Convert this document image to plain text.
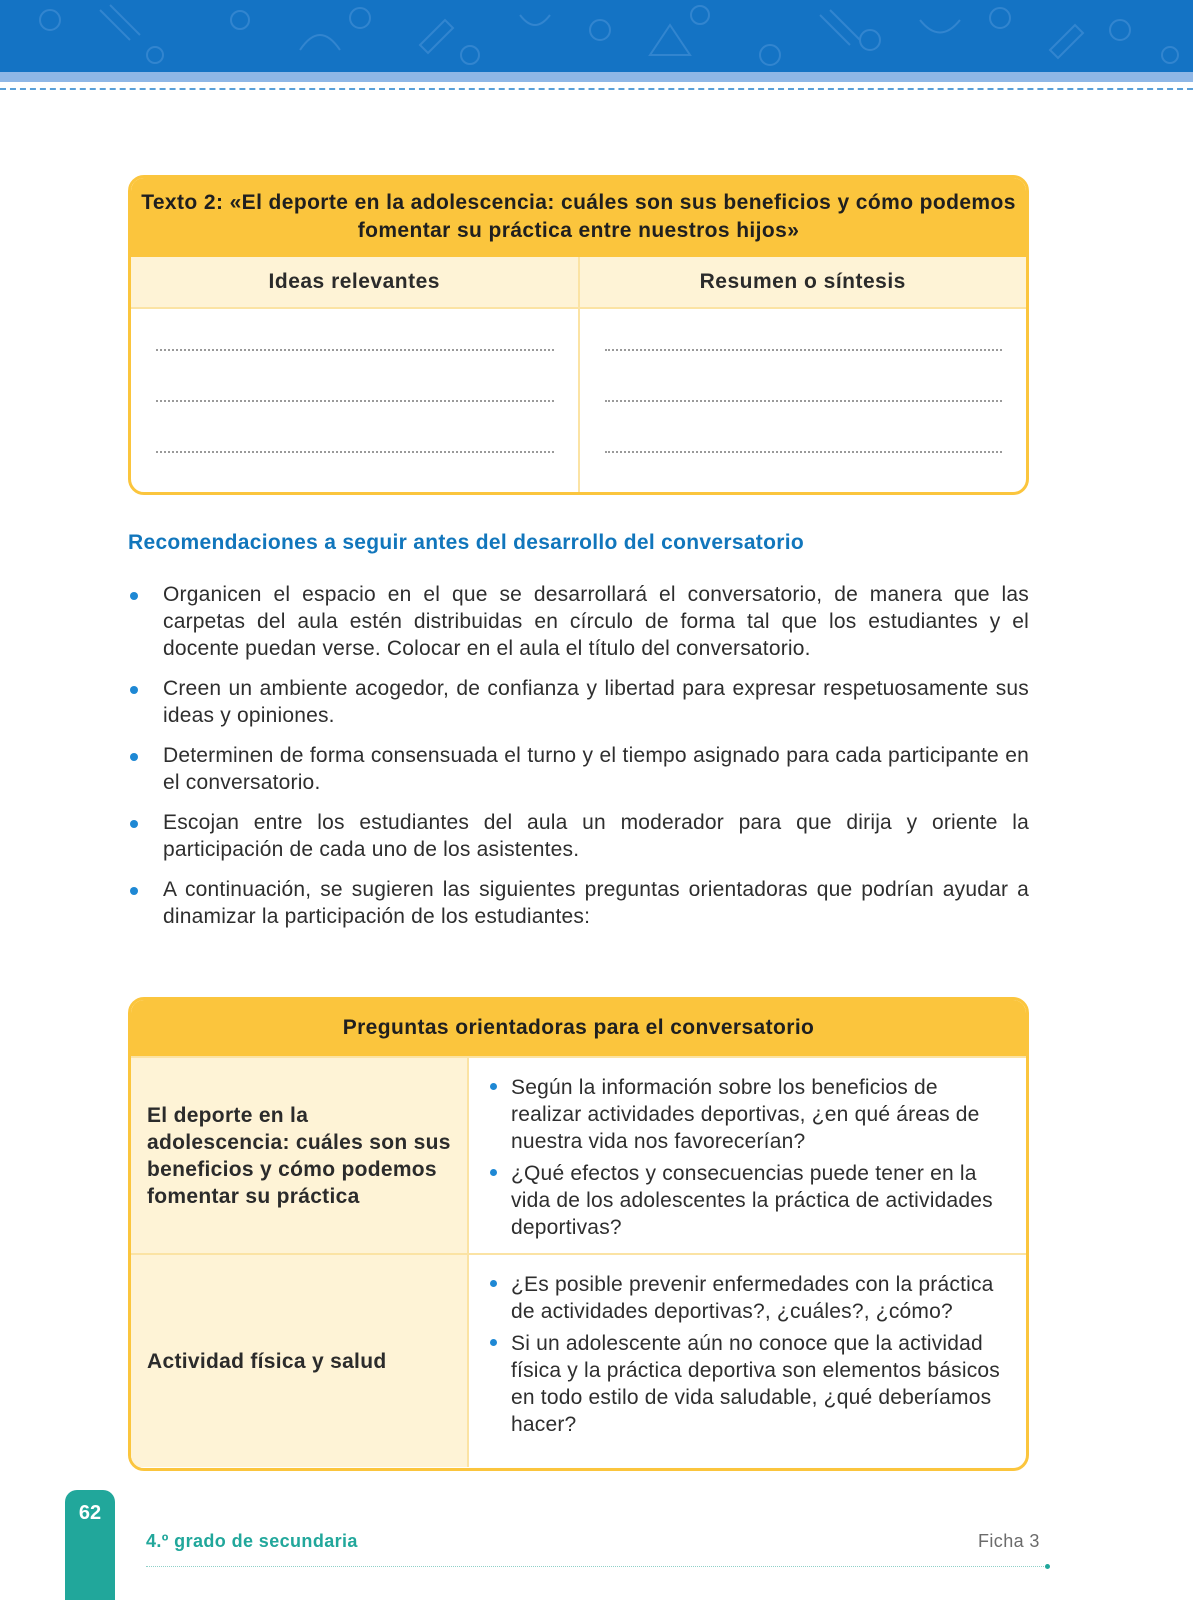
Texto 2: «El deporte en la adolescencia: cuáles son sus beneficios y cómo podemos fomentar su práctica entre nuestros hijos»
Ideas relevantes	Resumen o síntesis
Recomendaciones a seguir antes del desarrollo del conversatorio
Organicen el espacio en el que se desarrollará el conversatorio, de manera que las carpetas del aula estén distribuidas en círculo de forma tal que los estudiantes y el docente puedan verse. Colocar en el aula el título del conversatorio.
Creen un ambiente acogedor, de confianza y libertad para expresar respetuosamente sus ideas y opiniones.
Determinen de forma consensuada el turno y el tiempo asignado para cada participante en el conversatorio.
Escojan entre los estudiantes del aula un moderador para que dirija y oriente la participación de cada uno de los asistentes.
A continuación, se sugieren las siguientes preguntas orientadoras que podrían ayudar a dinamizar la participación de los estudiantes:
Preguntas orientadoras para el conversatorio
El deporte en la adolescencia: cuáles son sus beneficios y cómo podemos fomentar su práctica
Según la información sobre los beneficios de realizar actividades deportivas, ¿en qué áreas de nuestra vida nos favorecerían?
¿Qué efectos y consecuencias puede tener en la vida de los adolescentes la práctica de actividades deportivas?
Actividad física y salud
¿Es posible prevenir enfermedades con la práctica de actividades deportivas?, ¿cuáles?, ¿cómo?
Si un adolescente aún no conoce que la actividad física y la práctica deportiva son elementos básicos en todo estilo de vida saludable, ¿qué deberíamos hacer?
62
4.º grado de secundaria	Ficha 3
